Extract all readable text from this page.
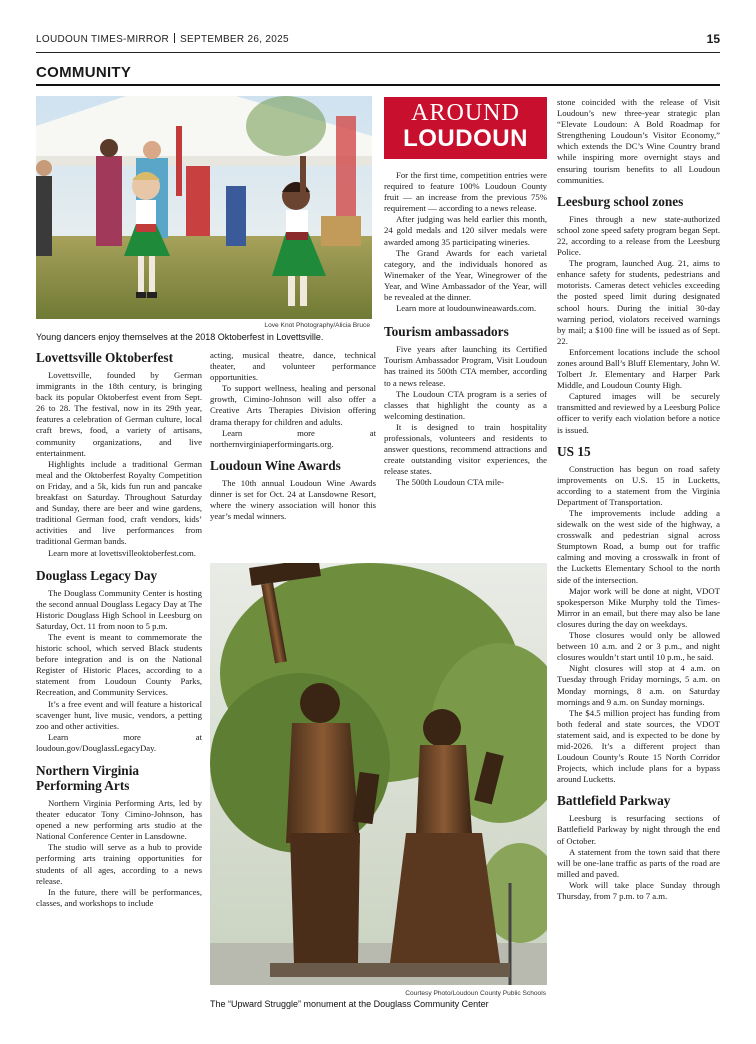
LOUDOUN TIMES-MIRROR SEPTEMBER 26, 2025	15
COMMUNITY
Love Knot Photography/Alicia Bruce
Young dancers enjoy themselves at the 2018 Oktoberfest in Lovettsville.
Lovettsville Oktoberfest

Lovettsville, founded by German immigrants in the 18th century, is bringing back its popular Oktoberfest event from Sept. 26 to 28. The festival, now in its 29th year, features a celebration of German culture, local craft brews, food, a variety of artisans, community organizations, and live entertainment.

Highlights include a traditional German meal and the Oktoberfest Royalty Competition on Friday, and a 5k, kids fun run and pancake breakfast on Saturday. Throughout Saturday and Sunday, there are beer and wine gardens, traditional German food, craft vendors, kids’ activities and live performances from traditional German bands.

Learn more at lovettsvilleoktoberfest.com.

Douglass Legacy Day

The Douglass Community Center is hosting the second annual Douglass Legacy Day at The Historic Douglass High School in Leesburg on Saturday, Oct. 11 from noon to 5 p.m.

The event is meant to commemorate the historic school, which served Black students before integration and is on the National Register of Historic Places, according to a statement from Loudoun County Parks, Recreation, and Community Services.

It’s a free event and will feature a historical scavenger hunt, live music, vendors, a petting zoo and other activities.

Learn more at loudoun.gov/DouglassLegacyDay.

Northern Virginia Performing Arts

Northern Virginia Performing Arts, led by theater educator Tony Cimino-Johnson, has opened a new performing arts studio at the National Conference Center in Lansdowne.

The studio will serve as a hub to provide performing arts training opportunities for students of all ages, according to a news release.

In the future, there will be performances, classes, and workshops to include

acting, musical theatre, dance, technical theater, and volunteer performance opportunities.

To support wellness, healing and personal growth, Cimino-Johnson will also offer a Creative Arts Therapies Division offering drama therapy for children and adults.

Learn more at northernvirginiaperformingarts.org.

Loudoun Wine Awards

The 10th annual Loudoun Wine Awards dinner is set for Oct. 24 at Lansdowne Resort, where the winery association will honor this year’s medal winners.

AROUND
LOUDOUN

For the first time, competition entries were required to feature 100% Loudoun County fruit — an increase from the previous 75% requirement — according to a news release.

After judging was held earlier this month, 24 gold medals and 120 silver medals were awarded among 35 participating wineries.

The Grand Awards for each varietal category, and the individuals honored as Winemaker of the Year, Winegrower of the Year, and Wine Ambassador of the Year, will be revealed at the dinner.

Learn more at loudounwineawards.com.

Tourism ambassadors

Five years after launching its Certified Tourism Ambassador Program, Visit Loudoun has trained its 500th CTA member, according to a news release.

The Loudoun CTA program is a series of classes that highlight the county as a welcoming destination.

It is designed to train hospitality professionals, volunteers and residents to answer questions, recommend attractions and create outstanding visitor experiences, the release states.

The 500th Loudoun CTA mile-

Courtesy Photo/Loudoun County Public Schools
The “Upward Struggle” monument at the Douglass Community Center

stone coincided with the release of Visit Loudoun’s new three-year strategic plan “Elevate Loudoun: A Bold Roadmap for Strengthening Loudoun’s Visitor Economy,” which extends the DC’s Wine Country brand while inspiring more overnight stays and ensuring tourism benefits to all Loudoun communities.

Leesburg school zones

Fines through a new state-authorized school zone speed safety program began Sept. 22, according to a release from the Leesburg Police.

The program, launched Aug. 21, aims to enhance safety for students, pedestrians and motorists. Cameras detect vehicles exceeding the posted speed limit during designated school hours. During the initial 30-day warning period, violators received warnings by mail; a $100 fine will be issued as of Sept. 22.

Enforcement locations include the school zones around Ball’s Bluff Elementary, John W. Tolbert Jr. Elementary and Harper Park Middle, and Loudoun County High.

Captured images will be securely transmitted and reviewed by a Leesburg Police officer to verify each violation before a notice is issued.

US 15

Construction has begun on road safety improvements on U.S. 15 in Lucketts, according to a statement from the Virginia Department of Transportation.

The improvements include adding a sidewalk on the west side of the highway, a crosswalk and pedestrian signal across Stumptown Road, a bump out for traffic calming and moving a crosswalk in front of the Lucketts Elementary School to the north side of the intersection.

Major work will be done at night, VDOT spokesperson Mike Murphy told the Times-Mirror in an email, but there may also be lane closures during the day on weekdays.

Those closures would only be allowed between 10 a.m. and 2 or 3 p.m., and night closures wouldn’t start until 10 p.m., he said.

Night closures will stop at 4 a.m. on Tuesday through Friday mornings, 5 a.m. on Monday mornings, 8 a.m. on Saturday mornings and 9 a.m. on Sunday mornings.

The $4.5 million project has funding from both federal and state sources, the VDOT statement said, and is expected to be done by mid-2026. It’s a different project than Loudoun County’s Route 15 North Corridor Projects, which include plans for a bypass around Lucketts.

Battlefield Parkway

Leesburg is resurfacing sections of Battlefield Parkway by night through the end of October.

A statement from the town said that there will be one-lane traffic as parts of the road are milled and paved.

Work will take place Sunday through Thursday, from 7 p.m. to 7 a.m.
